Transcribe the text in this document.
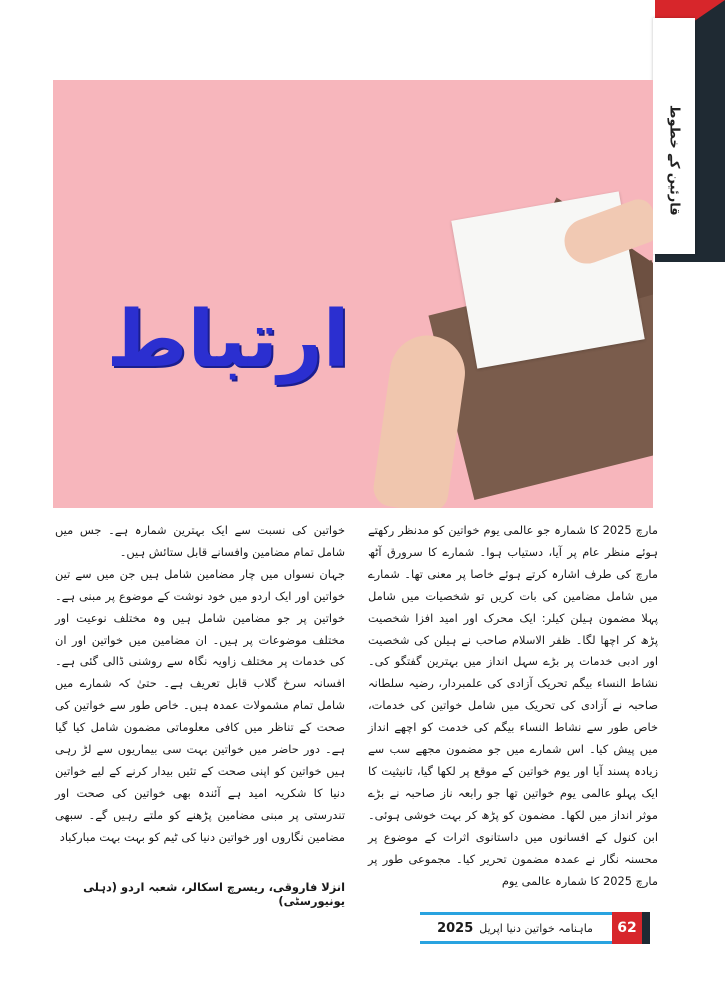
قارئین کے خطوط
ارتباط

مارچ 2025 کا شمارہ جو عالمی یوم خواتین کو مدنظر رکھتے ہوئے منظر عام پر آیا، دستیاب ہوا۔ شمارے کا سرورق آٹھ مارچ کی طرف اشارہ کرتے ہوئے خاصا پر معنی تھا۔ شمارے میں شامل مضامین کی بات کریں تو شخصیات میں شامل پہلا مضمون ہیلن کیلر: ایک محرک اور امید افزا شخصیت پڑھ کر اچھا لگا۔ ظفر الاسلام صاحب نے ہیلن کی شخصیت اور ادبی خدمات پر بڑے سہل انداز میں بہترین گفتگو کی۔ نشاط النساء بیگم تحریک آزادی کی علمبردار، رضیہ سلطانہ صاحبہ نے آزادی کی تحریک میں شامل خواتین کی خدمات، خاص طور سے نشاط النساء بیگم کی خدمت کو اچھے انداز میں پیش کیا۔ اس شمارے میں جو مضمون مجھے سب سے زیادہ پسند آیا اور یوم خواتین کے موقع پر لکھا گیا، تانیثیت کا ایک پہلو عالمی یوم خواتین تھا جو رابعہ ناز صاحبہ نے بڑے موثر انداز میں لکھا۔ مضمون کو پڑھ کر بہت خوشی ہوئی۔ ابن کنول کے افسانوں میں داستانوی اثرات کے موضوع پر محسنہ نگار نے عمدہ مضمون تحریر کیا۔ مجموعی طور پر مارچ 2025 کا شمارہ عالمی یوم

خواتین کی نسبت سے ایک بہترین شمارہ ہے۔ جس میں شامل تمام مضامین وافسانے قابل ستائش ہیں۔

جہان نسواں میں چار مضامین شامل ہیں جن میں سے تین خواتین اور ایک اردو میں خود نوشت کے موضوع پر مبنی ہے۔ خواتین پر جو مضامین شامل ہیں وہ مختلف نوعیت اور مختلف موضوعات پر ہیں۔ ان مضامین میں خواتین اور ان کی خدمات پر مختلف زاویہ نگاہ سے روشنی ڈالی گئی ہے۔ افسانہ سرخ گلاب قابل تعریف ہے۔ حتیٰ کہ شمارے میں شامل تمام مشمولات عمدہ ہیں۔ خاص طور سے خواتین کی صحت کے تناظر میں کافی معلوماتی مضمون شامل کیا گیا ہے۔ دور حاضر میں خواتین بہت سی بیماریوں سے لڑ رہی ہیں خواتین کو اپنی صحت کے تئیں بیدار کرنے کے لیے خواتین دنیا کا شکریہ امید ہے آئندہ بھی خواتین کی صحت اور تندرستی پر مبنی مضامین پڑھنے کو ملتے رہیں گے۔ سبھی مضامین نگاروں اور خواتین دنیا کی ٹیم کو بہت بہت مبارکباد

انزلا فاروقی، ریسرچ اسکالر، شعبہ اردو (دہلی یونیورسٹی)
ماہنامہ خواتین دنیا اپریل
2025	62
